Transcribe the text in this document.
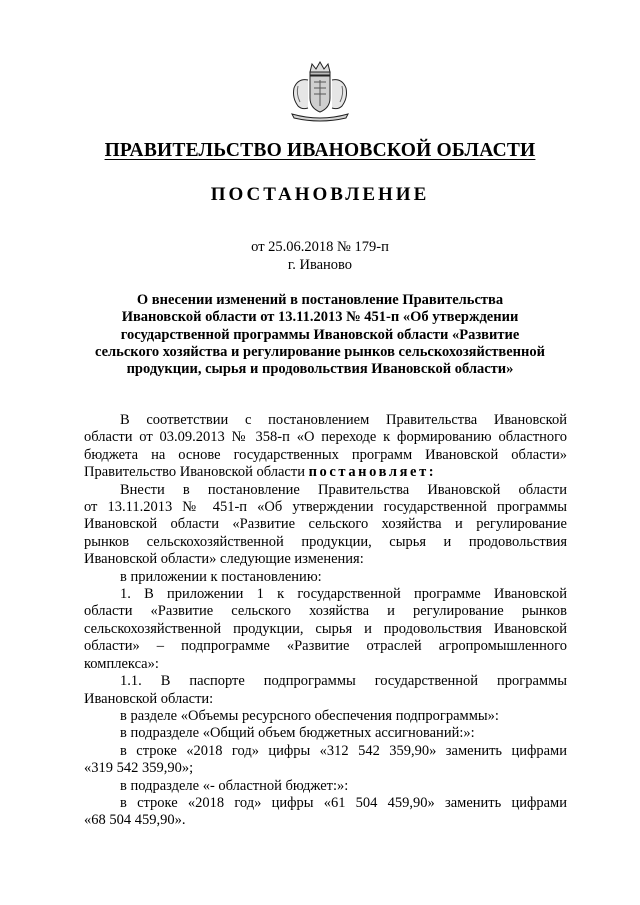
ПРАВИТЕЛЬСТВО ИВАНОВСКОЙ ОБЛАСТИ
ПОСТАНОВЛЕНИЕ
от 25.06.2018 № 179-п
г. Иваново
О внесении изменений в постановление Правительства
Ивановской области от 13.11.2013 № 451-п «Об утверждении
государственной программы Ивановской области «Развитие
сельского хозяйства и регулирование рынков сельскохозяйственной
продукции, сырья и продовольствия Ивановской области»

В соответствии с постановлением Правительства Ивановской

области от 03.09.2013 № 358-п «О переходе к формированию областного

бюджета на основе государственных программ Ивановской области»

Правительство Ивановской области постановляет:

Внести в постановление Правительства Ивановской области

от 13.11.2013 № 451-п «Об утверждении государственной программы

Ивановской области «Развитие сельского хозяйства и регулирование

рынков сельскохозяйственной продукции, сырья и продовольствия

Ивановской области» следующие изменения:

в приложении к постановлению:

1. В приложении 1 к государственной программе Ивановской

области «Развитие сельского хозяйства и регулирование рынков

сельскохозяйственной продукции, сырья и продовольствия Ивановской

области» – подпрограмме «Развитие отраслей агропромышленного

комплекса»:

1.1. В паспорте подпрограммы государственной программы

Ивановской области:

в разделе «Объемы ресурсного обеспечения подпрограммы»:

в подразделе «Общий объем бюджетных ассигнований:»:

в строке «2018 год» цифры «312 542 359,90» заменить цифрами

«319 542 359,90»;

в подразделе «- областной бюджет:»:

в строке «2018 год» цифры «61 504 459,90» заменить цифрами

«68 504 459,90».
